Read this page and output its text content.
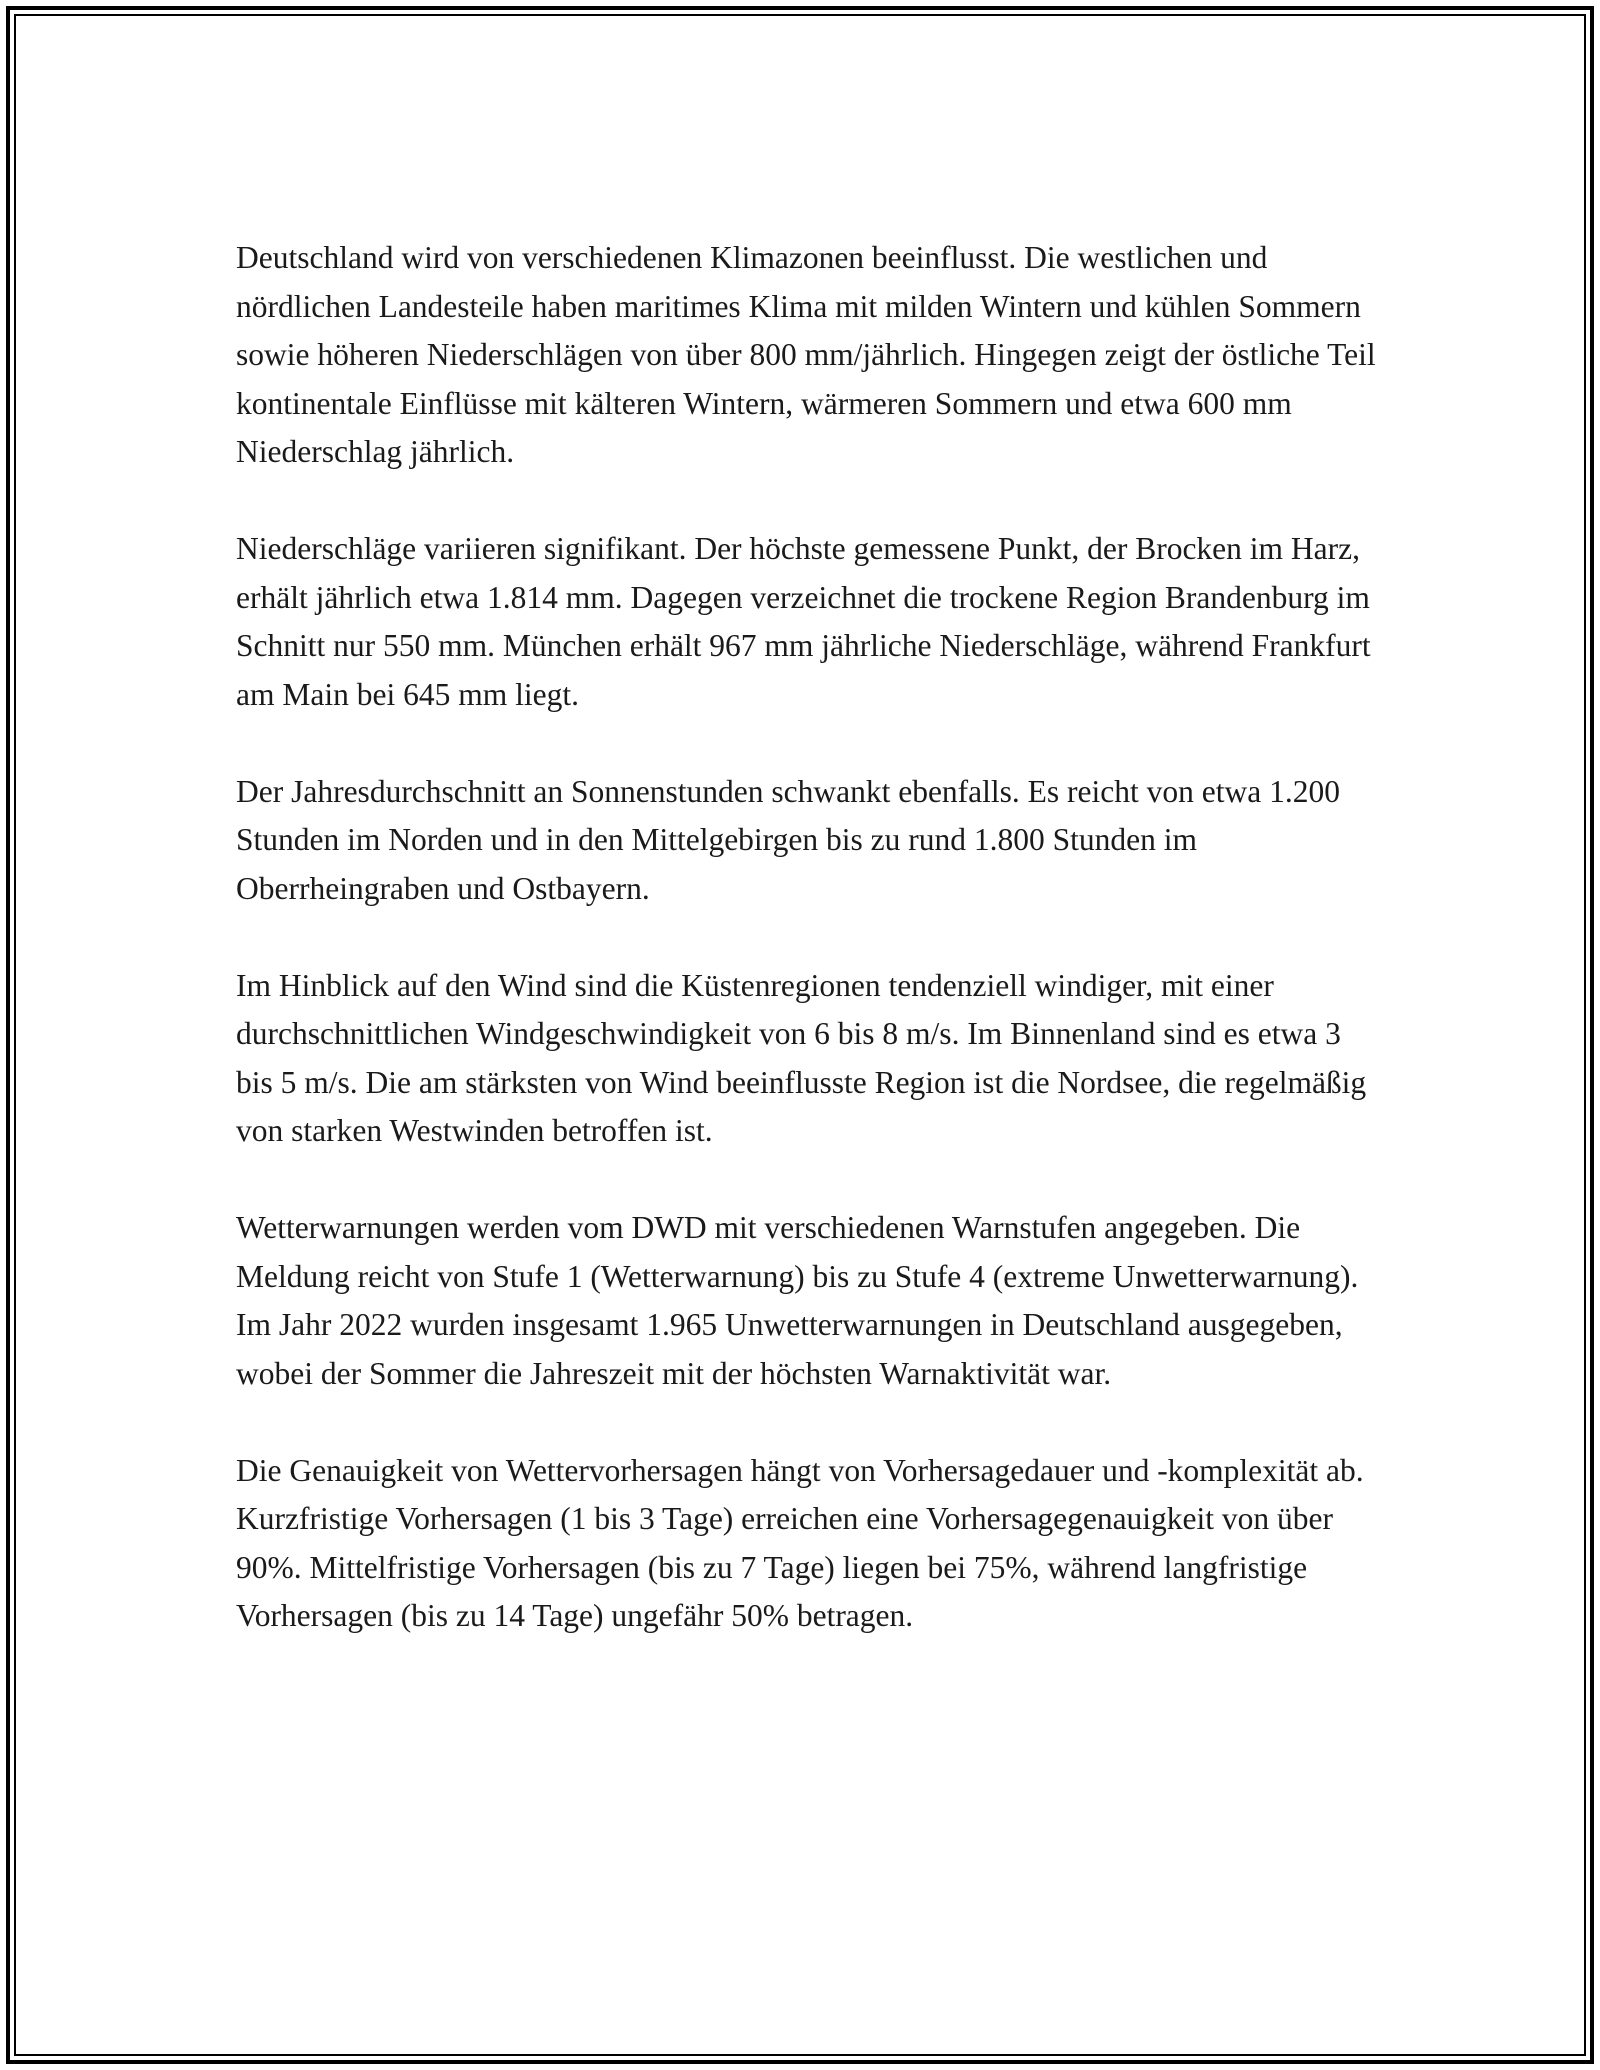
Deutschland wird von verschiedenen Klimazonen beeinflusst. Die westlichen und nördlichen Landesteile haben maritimes Klima mit milden Wintern und kühlen Sommern sowie höheren Niederschlägen von über 800 mm/jährlich. Hingegen zeigt der östliche Teil kontinentale Einflüsse mit kälteren Wintern, wärmeren Sommern und etwa 600 mm Niederschlag jährlich.

Niederschläge variieren signifikant. Der höchste gemessene Punkt, der Brocken im Harz, erhält jährlich etwa 1.814 mm. Dagegen verzeichnet die trockene Region Brandenburg im Schnitt nur 550 mm. München erhält 967 mm jährliche Niederschläge, während Frankfurt am Main bei 645 mm liegt.

Der Jahresdurchschnitt an Sonnenstunden schwankt ebenfalls. Es reicht von etwa 1.200 Stunden im Norden und in den Mittelgebirgen bis zu rund 1.800 Stunden im Oberrheingraben und Ostbayern.

Im Hinblick auf den Wind sind die Küstenregionen tendenziell windiger, mit einer durchschnittlichen Windgeschwindigkeit von 6 bis 8 m/s. Im Binnenland sind es etwa 3 bis 5 m/s. Die am stärksten von Wind beeinflusste Region ist die Nordsee, die regelmäßig von starken Westwinden betroffen ist.

Wetterwarnungen werden vom DWD mit verschiedenen Warnstufen angegeben. Die Meldung reicht von Stufe 1 (Wetterwarnung) bis zu Stufe 4 (extreme Unwetterwarnung). Im Jahr 2022 wurden insgesamt 1.965 Unwetterwarnungen in Deutschland ausgegeben, wobei der Sommer die Jahreszeit mit der höchsten Warnaktivität war.

Die Genauigkeit von Wettervorhersagen hängt von Vorhersagedauer und -komplexität ab. Kurzfristige Vorhersagen (1 bis 3 Tage) erreichen eine Vorhersagegenauigkeit von über 90%. Mittelfristige Vorhersagen (bis zu 7 Tage) liegen bei 75%, während langfristige Vorhersagen (bis zu 14 Tage) ungefähr 50% betragen.
